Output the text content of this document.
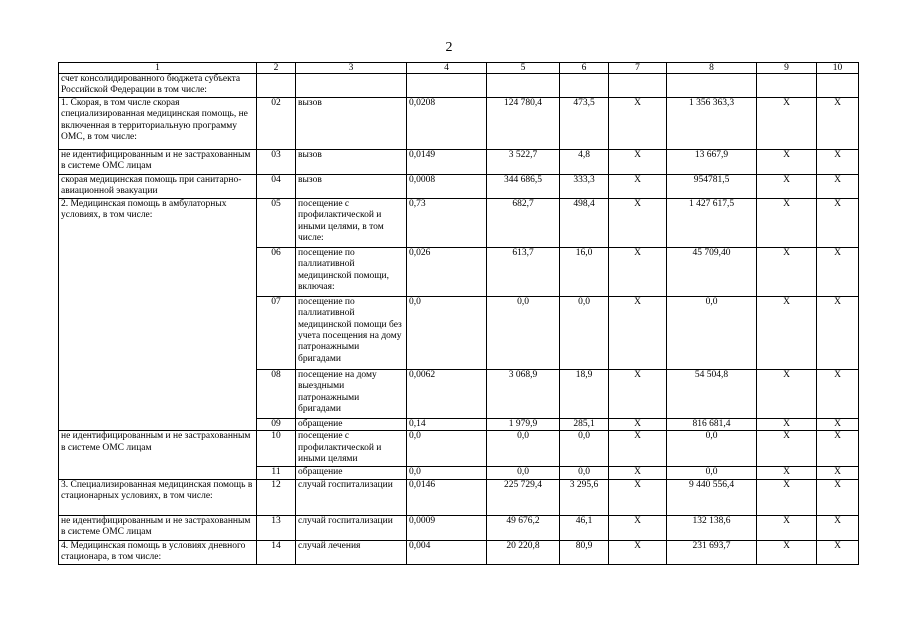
2
1	2	3	4	5	6	7	8	9	10
счет консолидированного бюджета субъекта Российской Федерации в том числе:									
1. Скорая, в том числе скорая специализированная медицинская помощь, не включенная в территориальную программу ОМС, в том числе:	02	вызов	0,0208	124 780,4	473,5	X	1 356 363,3	X	X
не идентифицированным и не застрахованным в системе ОМС лицам	03	вызов	0,0149	3 522,7	4,8	X	13 667,9	X	X
скорая медицинская помощь при санитарно-авиационной эвакуации	04	вызов	0,0008	344 686,5	333,3	X	954781,5	X	X
2. Медицинская помощь в амбулаторных условиях, в том числе:	05	посещение с профилактической и иными целями, в том числе:	0,73	682,7	498,4	X	1 427 617,5	X	X
	06	посещение по паллиативной медицинской помощи, включая:	0,026	613,7	16,0	X	45 709,40	X	X
	07	посещение по паллиативной медицинской помощи без учета посещения на дому патронажными бригадами	0,0	0,0	0,0	X	0,0	X	X
	08	посещение на дому выездными патронажными бригадами	0,0062	3 068,9	18,9	X	54 504,8	X	X
	09	обращение	0,14	1 979,9	285,1	X	816 681,4	X	X
не идентифицированным и не застрахованным в системе ОМС лицам	10	посещение с профилактической и иными целями	0,0	0,0	0,0	X	0,0	X	X
	11	обращение	0,0	0,0	0,0	X	0,0	X	X
3. Специализированная медицинская помощь в стационарных условиях, в том числе:	12	случай госпитализации	0,0146	225 729,4	3 295,6	X	9 440 556,4	X	X
не идентифицированным и не застрахованным в системе ОМС лицам	13	случай госпитализации	0,0009	49 676,2	46,1	X	132 138,6	X	X
4. Медицинская помощь в условиях дневного стационара, в том числе:	14	случай лечения	0,004	20 220,8	80,9	X	231 693,7	X	X
